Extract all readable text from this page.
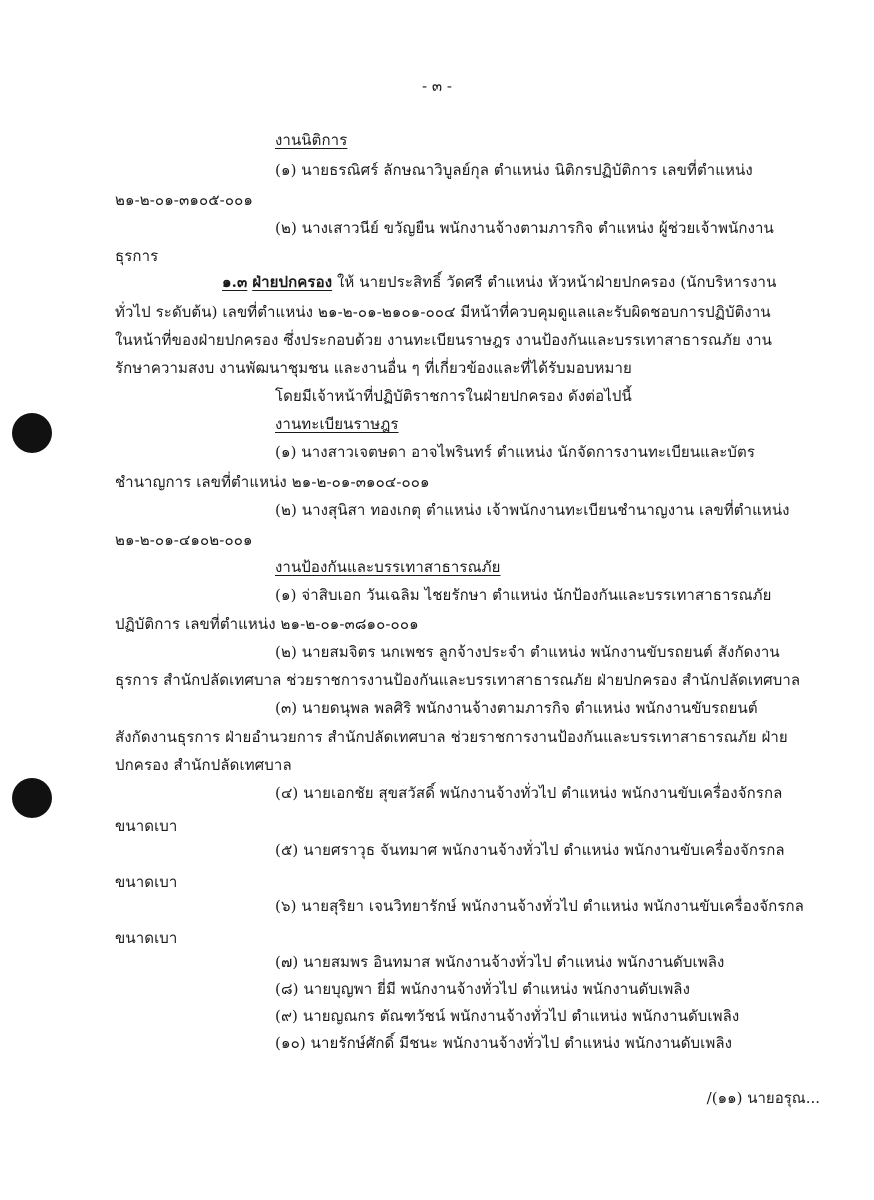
- ๓ -
งานนิติการ
(๑) นายธรณิศร์ ลักษณาวิบูลย์กุล ตำแหน่ง นิติกรปฏิบัติการ เลขที่ตำแหน่ง
๒๑-๒-๐๑-๓๑๐๕-๐๐๑
(๒) นางเสาวนีย์ ขวัญยืน พนักงานจ้างตามภารกิจ ตำแหน่ง ผู้ช่วยเจ้าพนักงาน
ธุรการ
๑.๓ ฝ่ายปกครอง ให้ นายประสิทธิ์ วัดศรี ตำแหน่ง หัวหน้าฝ่ายปกครอง (นักบริหารงาน
ทั่วไป ระดับต้น) เลขที่ตำแหน่ง ๒๑-๒-๐๑-๒๑๐๑-๐๐๔ มีหน้าที่ควบคุมดูแลและรับผิดชอบการปฏิบัติงาน
ในหน้าที่ของฝ่ายปกครอง ซึ่งประกอบด้วย งานทะเบียนราษฎร งานป้องกันและบรรเทาสาธารณภัย งาน
รักษาความสงบ งานพัฒนาชุมชน และงานอื่น ๆ ที่เกี่ยวข้องและที่ได้รับมอบหมาย
โดยมีเจ้าหน้าที่ปฏิบัติราชการในฝ่ายปกครอง ดังต่อไปนี้
งานทะเบียนราษฎร
(๑) นางสาวเจตษดา อาจไพรินทร์ ตำแหน่ง นักจัดการงานทะเบียนและบัตร
ชำนาญการ เลขที่ตำแหน่ง ๒๑-๒-๐๑-๓๑๐๔-๐๐๑
(๒) นางสุนิสา ทองเกตุ ตำแหน่ง เจ้าพนักงานทะเบียนชำนาญงาน เลขที่ตำแหน่ง
๒๑-๒-๐๑-๔๑๐๒-๐๐๑
งานป้องกันและบรรเทาสาธารณภัย
(๑) จ่าสิบเอก วันเฉลิม ไชยรักษา ตำแหน่ง นักป้องกันและบรรเทาสาธารณภัย
ปฏิบัติการ เลขที่ตำแหน่ง ๒๑-๒-๐๑-๓๘๑๐-๐๐๑
(๒) นายสมจิตร นกเพชร ลูกจ้างประจำ ตำแหน่ง พนักงานขับรถยนต์ สังกัดงาน
ธุรการ สำนักปลัดเทศบาล ช่วยราชการงานป้องกันและบรรเทาสาธารณภัย ฝ่ายปกครอง สำนักปลัดเทศบาล
(๓) นายดนุพล พลศิริ พนักงานจ้างตามภารกิจ ตำแหน่ง พนักงานขับรถยนต์
สังกัดงานธุรการ ฝ่ายอำนวยการ สำนักปลัดเทศบาล ช่วยราชการงานป้องกันและบรรเทาสาธารณภัย ฝ่าย
ปกครอง สำนักปลัดเทศบาล
(๔) นายเอกชัย สุขสวัสดิ์ พนักงานจ้างทั่วไป ตำแหน่ง พนักงานขับเครื่องจักรกล
ขนาดเบา
(๕) นายศราวุธ จันทมาศ พนักงานจ้างทั่วไป ตำแหน่ง พนักงานขับเครื่องจักรกล
ขนาดเบา
(๖) นายสุริยา เจนวิทยารักษ์ พนักงานจ้างทั่วไป ตำแหน่ง พนักงานขับเครื่องจักรกล
ขนาดเบา
(๗) นายสมพร อินทมาส พนักงานจ้างทั่วไป ตำแหน่ง พนักงานดับเพลิง
(๘) นายบุญพา ยี่มี พนักงานจ้างทั่วไป ตำแหน่ง พนักงานดับเพลิง
(๙) นายญณกร ตัณฑวัชน์ พนักงานจ้างทั่วไป ตำแหน่ง พนักงานดับเพลิง
(๑๐) นายรักษ์ศักดิ์ มีชนะ พนักงานจ้างทั่วไป ตำแหน่ง พนักงานดับเพลิง
/(๑๑) นายอรุณ...
